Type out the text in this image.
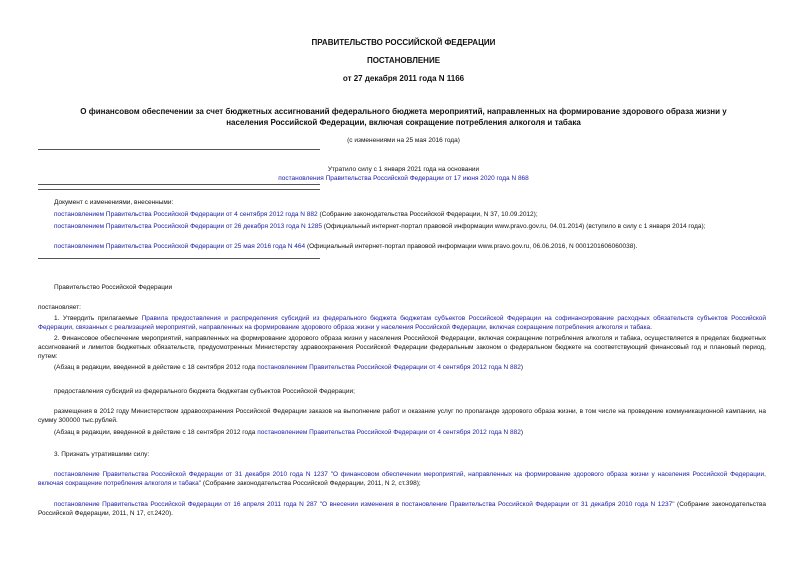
ПРАВИТЕЛЬСТВО РОССИЙСКОЙ ФЕДЕРАЦИИ
ПОСТАНОВЛЕНИЕ
от 27 декабря 2011 года N 1166
О финансовом обеспечении за счет бюджетных ассигнований федерального бюджета мероприятий, направленных на формирование здорового образа жизни у населения Российской Федерации, включая сокращение потребления алкоголя и табака
(с изменениями на 25 мая 2016 года)
Утратило силу с 1 января 2021 года на основании
постановления Правительства Российской Федерации от 17 июня 2020 года N 868
Документ с изменениями, внесенными:
постановлением Правительства Российской Федерации от 4 сентября 2012 года N 882 (Собрание законодательства Российской Федерации, N 37, 10.09.2012);
постановлением Правительства Российской Федерации от 26 декабря 2013 года N 1285 (Официальный интернет-портал правовой информации www.pravo.gov.ru, 04.01.2014) (вступило в силу с 1 января 2014 года);
постановлением Правительства Российской Федерации от 25 мая 2016 года N 464 (Официальный интернет-портал правовой информации www.pravo.gov.ru, 06.06.2016, N 0001201606060038).
Правительство Российской Федерации
постановляет:
1. Утвердить прилагаемые Правила предоставления и распределения субсидий из федерального бюджета бюджетам субъектов Российской Федерации на софинансирование расходных обязательств субъектов Российской Федерации, связанных с реализацией мероприятий, направленных на формирование здорового образа жизни у населения Российской Федерации, включая сокращение потребления алкоголя и табака.
2. Финансовое обеспечение мероприятий, направленных на формирование здорового образа жизни у населения Российской Федерации, включая сокращение потребления алкоголя и табака, осуществляется в пределах бюджетных ассигнований и лимитов бюджетных обязательств, предусмотренных Министерству здравоохранения Российской Федерации федеральным законом о федеральном бюджете на соответствующий финансовый год и плановый период, путем:
(Абзац в редакции, введенной в действие с 18 сентября 2012 года постановлением Правительства Российской Федерации от 4 сентября 2012 года N 882)
предоставления субсидий из федерального бюджета бюджетам субъектов Российской Федерации;
размещения в 2012 году Министерством здравоохранения Российской Федерации заказов на выполнение работ и оказание услуг по пропаганде здорового образа жизни, в том числе на проведение коммуникационной кампании, на сумму 300000 тыс.рублей.
(Абзац в редакции, введенной в действие с 18 сентября 2012 года постановлением Правительства Российской Федерации от 4 сентября 2012 года N 882)
3. Признать утратившими силу:
постановление Правительства Российской Федерации от 31 декабря 2010 года N 1237 "О финансовом обеспечении мероприятий, направленных на формирование здорового образа жизни у населения Российской Федерации, включая сокращение потребления алкоголя и табака" (Собрание законодательства Российской Федерации, 2011, N 2, ст.398);
постановление Правительства Российской Федерации от 16 апреля 2011 года N 287 "О внесении изменения в постановление Правительства Российской Федерации от 31 декабря 2010 года N 1237" (Собрание законодательства Российской Федерации, 2011, N 17, ст.2420).
